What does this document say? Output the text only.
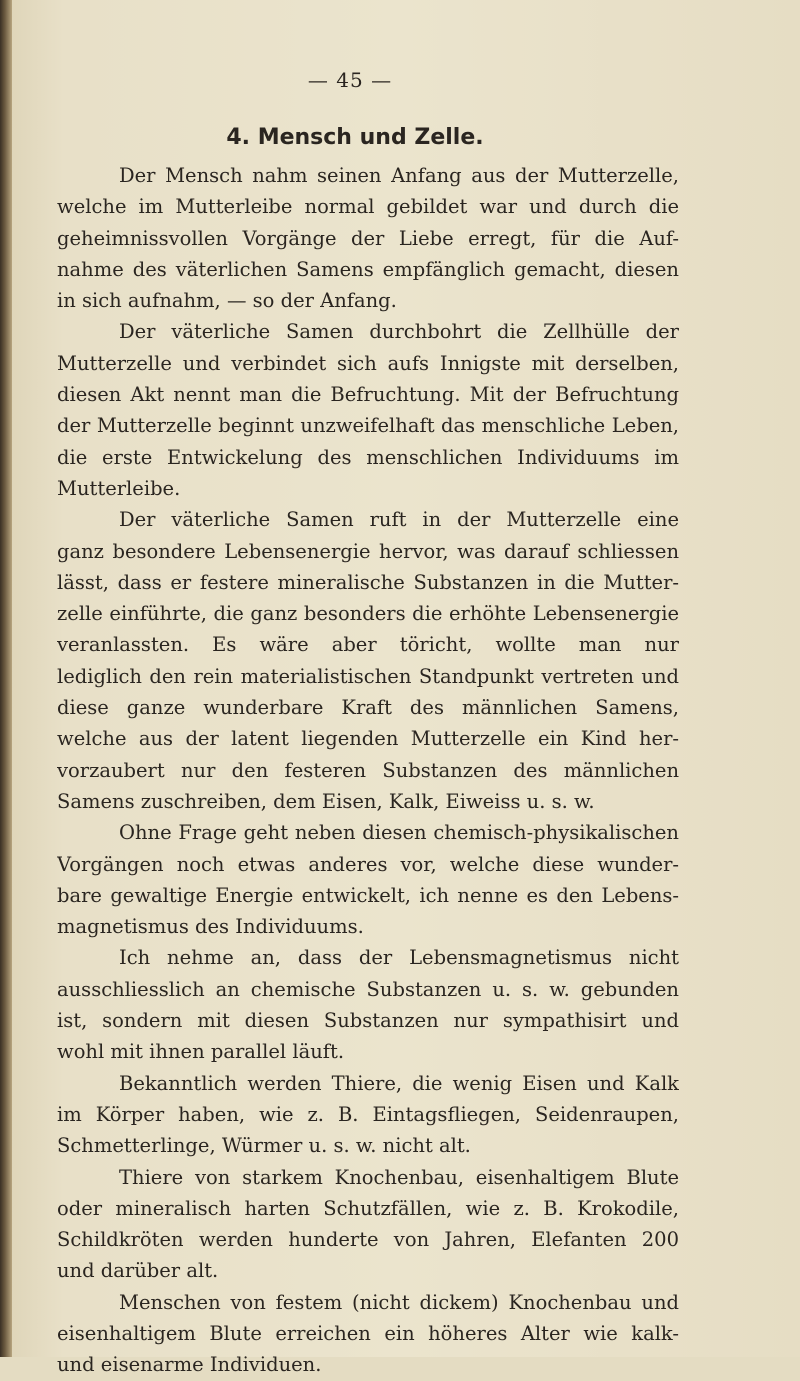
— 45 —
4. Mensch und Zelle.
Der Mensch nahm seinen Anfang aus der Mutterzelle,
welche im Mutterleibe normal gebildet war und durch die
geheimnissvollen Vorgänge der Liebe erregt, für die Auf-
nahme des väterlichen Samens empfänglich gemacht, diesen
in sich aufnahm, — so der Anfang.
Der väterliche Samen durchbohrt die Zellhülle der
Mutterzelle und verbindet sich aufs Innigste mit derselben,
diesen Akt nennt man die Befruchtung. Mit der Befruchtung
der Mutterzelle beginnt unzweifelhaft das menschliche Leben,
die erste Entwickelung des menschlichen Individuums im
Mutterleibe.
Der väterliche Samen ruft in der Mutterzelle eine
ganz besondere Lebensenergie hervor, was darauf schliessen
lässt, dass er festere mineralische Substanzen in die Mutter-
zelle einführte, die ganz besonders die erhöhte Lebensenergie
veranlassten. Es wäre aber töricht, wollte man nur
lediglich den rein materialistischen Standpunkt vertreten und
diese ganze wunderbare Kraft des männlichen Samens,
welche aus der latent liegenden Mutterzelle ein Kind her-
vorzaubert nur den festeren Substanzen des männlichen
Samens zuschreiben, dem Eisen, Kalk, Eiweiss u. s. w.
Ohne Frage geht neben diesen chemisch-physikalischen
Vorgängen noch etwas anderes vor, welche diese wunder-
bare gewaltige Energie entwickelt, ich nenne es den Lebens-
magnetismus des Individuums.
Ich nehme an, dass der Lebensmagnetismus nicht
ausschliesslich an chemische Substanzen u. s. w. gebunden
ist, sondern mit diesen Substanzen nur sympathisirt und
wohl mit ihnen parallel läuft.
Bekanntlich werden Thiere, die wenig Eisen und Kalk
im Körper haben, wie z. B. Eintagsfliegen, Seidenraupen,
Schmetterlinge, Würmer u. s. w. nicht alt.
Thiere von starkem Knochenbau, eisenhaltigem Blute
oder mineralisch harten Schutzfällen, wie z. B. Krokodile,
Schildkröten werden hunderte von Jahren, Elefanten 200
und darüber alt.
Menschen von festem (nicht dickem) Knochenbau und
eisenhaltigem Blute erreichen ein höheres Alter wie kalk-
und eisenarme Individuen.
